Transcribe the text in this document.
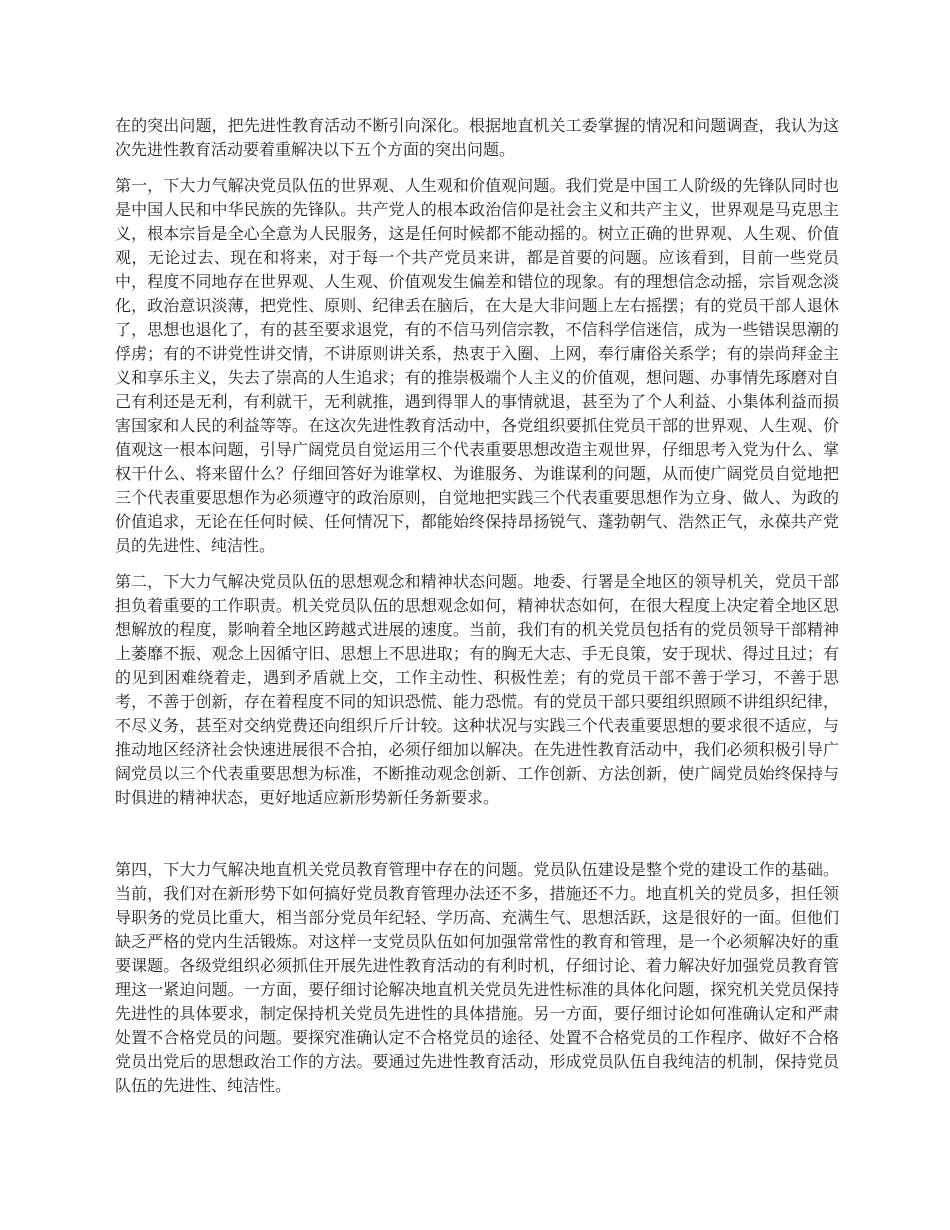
在的突出问题，把先进性教育活动不断引向深化。根据地直机关工委掌握的情况和问题调查，我认为这次先进性教育活动要着重解决以下五个方面的突出问题。

第一，下大力气解决党员队伍的世界观、人生观和价值观问题。我们党是中国工人阶级的先锋队同时也是中国人民和中华民族的先锋队。共产党人的根本政治信仰是社会主义和共产主义，世界观是马克思主义，根本宗旨是全心全意为人民服务，这是任何时候都不能动摇的。树立正确的世界观、人生观、价值观，无论过去、现在和将来，对于每一个共产党员来讲，都是首要的问题。应该看到，目前一些党员中，程度不同地存在世界观、人生观、价值观发生偏差和错位的现象。有的理想信念动摇，宗旨观念淡化，政治意识淡薄，把党性、原则、纪律丢在脑后，在大是大非问题上左右摇摆；有的党员干部人退休了，思想也退化了，有的甚至要求退党，有的不信马列信宗教，不信科学信迷信，成为一些错误思潮的俘虏；有的不讲党性讲交情，不讲原则讲关系，热衷于入圈、上网，奉行庸俗关系学；有的崇尚拜金主义和享乐主义，失去了崇高的人生追求；有的推崇极端个人主义的价值观，想问题、办事情先琢磨对自己有利还是无利，有利就干，无利就推，遇到得罪人的事情就退，甚至为了个人利益、小集体利益而损害国家和人民的利益等等。在这次先进性教育活动中，各党组织要抓住党员干部的世界观、人生观、价值观这一根本问题，引导广阔党员自觉运用三个代表重要思想改造主观世界，仔细思考入党为什么、掌权干什么、将来留什么？仔细回答好为谁掌权、为谁服务、为谁谋利的问题，从而使广阔党员自觉地把三个代表重要思想作为必须遵守的政治原则，自觉地把实践三个代表重要思想作为立身、做人、为政的价值追求，无论在任何时候、任何情况下，都能始终保持昂扬锐气、蓬勃朝气、浩然正气，永葆共产党员的先进性、纯洁性。

第二，下大力气解决党员队伍的思想观念和精神状态问题。地委、行署是全地区的领导机关，党员干部担负着重要的工作职责。机关党员队伍的思想观念如何，精神状态如何，在很大程度上决定着全地区思想解放的程度，影响着全地区跨越式进展的速度。当前，我们有的机关党员包括有的党员领导干部精神上萎靡不振、观念上因循守旧、思想上不思进取；有的胸无大志、手无良策，安于现状、得过且过；有的见到困难绕着走，遇到矛盾就上交，工作主动性、积极性差；有的党员干部不善于学习，不善于思考，不善于创新，存在着程度不同的知识恐慌、能力恐慌。有的党员干部只要组织照顾不讲组织纪律，不尽义务，甚至对交纳党费还向组织斤斤计较。这种状况与实践三个代表重要思想的要求很不适应，与推动地区经济社会快速进展很不合拍，必须仔细加以解决。在先进性教育活动中，我们必须积极引导广阔党员以三个代表重要思想为标准，不断推动观念创新、工作创新、方法创新，使广阔党员始终保持与时俱进的精神状态，更好地适应新形势新任务新要求。

第四，下大力气解决地直机关党员教育管理中存在的问题。党员队伍建设是整个党的建设工作的基础。当前，我们对在新形势下如何搞好党员教育管理办法还不多，措施还不力。地直机关的党员多，担任领导职务的党员比重大，相当部分党员年纪轻、学历高、充满生气、思想活跃，这是很好的一面。但他们缺乏严格的党内生活锻炼。对这样一支党员队伍如何加强常常性的教育和管理，是一个必须解决好的重要课题。各级党组织必须抓住开展先进性教育活动的有利时机，仔细讨论、着力解决好加强党员教育管理这一紧迫问题。一方面，要仔细讨论解决地直机关党员先进性标准的具体化问题，探究机关党员保持先进性的具体要求，制定保持机关党员先进性的具体措施。另一方面，要仔细讨论如何准确认定和严肃处置不合格党员的问题。要探究准确认定不合格党员的途径、处置不合格党员的工作程序、做好不合格党员出党后的思想政治工作的方法。要通过先进性教育活动，形成党员队伍自我纯洁的机制，保持党员队伍的先进性、纯洁性。
